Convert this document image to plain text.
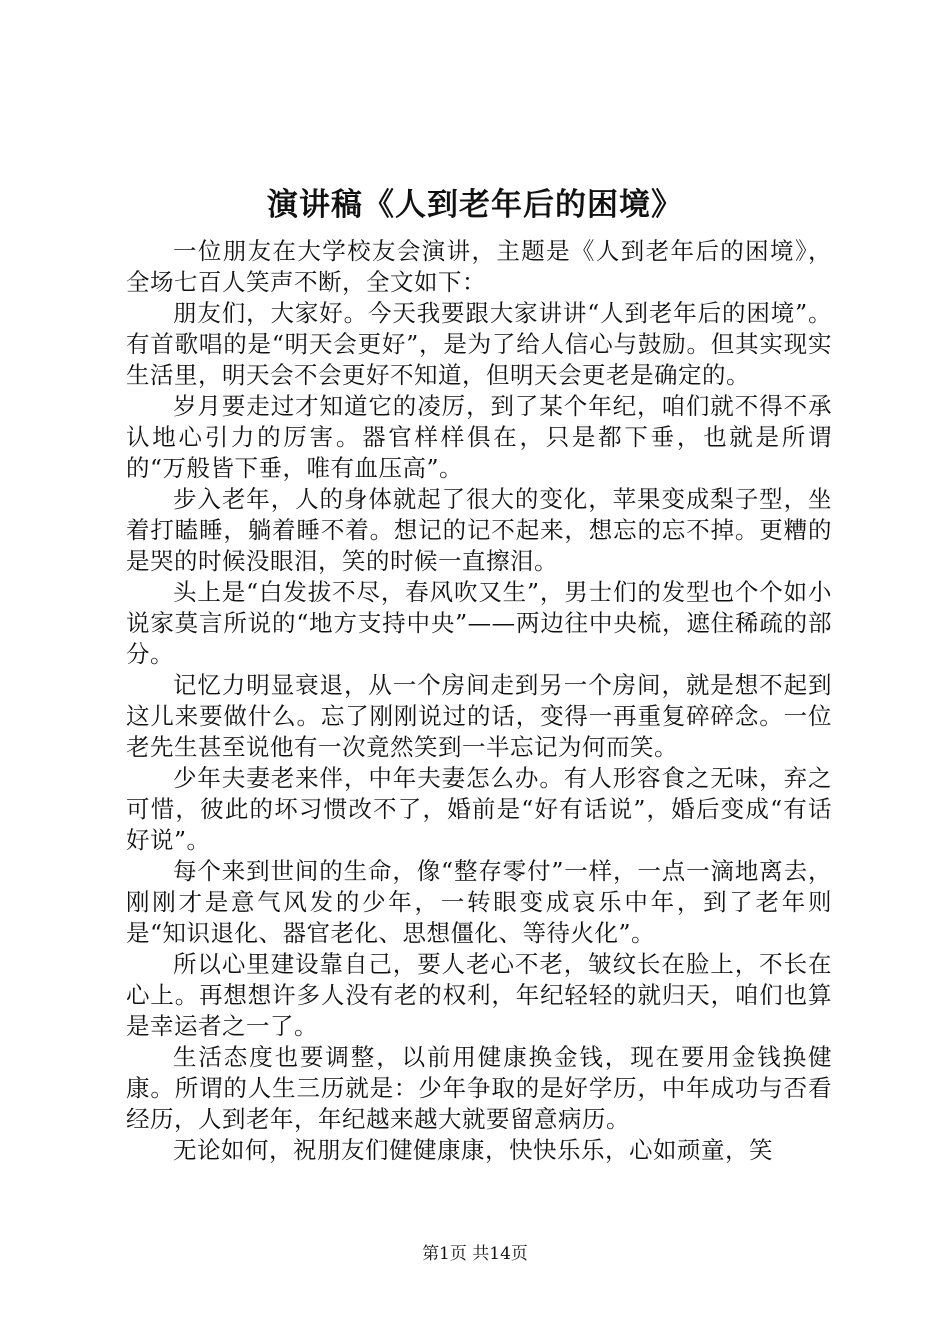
演讲稿《人到老年后的困境》

一位朋友在大学校友会演讲，主题是《人到老年后的困境》，全场七百人笑声不断，全文如下：

朋友们，大家好。今天我要跟大家讲讲“人到老年后的困境”。有首歌唱的是“明天会更好”，是为了给人信心与鼓励。但其实现实生活里，明天会不会更好不知道，但明天会更老是确定的。

岁月要走过才知道它的凌厉，到了某个年纪，咱们就不得不承认地心引力的厉害。器官样样俱在，只是都下垂，也就是所谓的“万般皆下垂，唯有血压高”。

步入老年，人的身体就起了很大的变化，苹果变成梨子型，坐着打瞌睡，躺着睡不着。想记的记不起来，想忘的忘不掉。更糟的是哭的时候没眼泪，笑的时候一直擦泪。

头上是“白发拔不尽，春风吹又生”，男士们的发型也个个如小说家莫言所说的“地方支持中央”——两边往中央梳，遮住稀疏的部分。

记忆力明显衰退，从一个房间走到另一个房间，就是想不起到这儿来要做什么。忘了刚刚说过的话，变得一再重复碎碎念。一位老先生甚至说他有一次竟然笑到一半忘记为何而笑。

少年夫妻老来伴，中年夫妻怎么办。有人形容食之无味，弃之可惜，彼此的坏习惯改不了，婚前是“好有话说”，婚后变成“有话好说”。

每个来到世间的生命，像“整存零付”一样，一点一滴地离去，刚刚才是意气风发的少年，一转眼变成哀乐中年，到了老年则是“知识退化、器官老化、思想僵化、等待火化”。

所以心里建设靠自己，要人老心不老，皱纹长在脸上，不长在心上。再想想许多人没有老的权利，年纪轻轻的就归天，咱们也算是幸运者之一了。

生活态度也要调整，以前用健康换金钱，现在要用金钱换健康。所谓的人生三历就是：少年争取的是好学历，中年成功与否看经历，人到老年，年纪越来越大就要留意病历。

无论如何，祝朋友们健健康康，快快乐乐，心如顽童，笑

第1页 共14页
